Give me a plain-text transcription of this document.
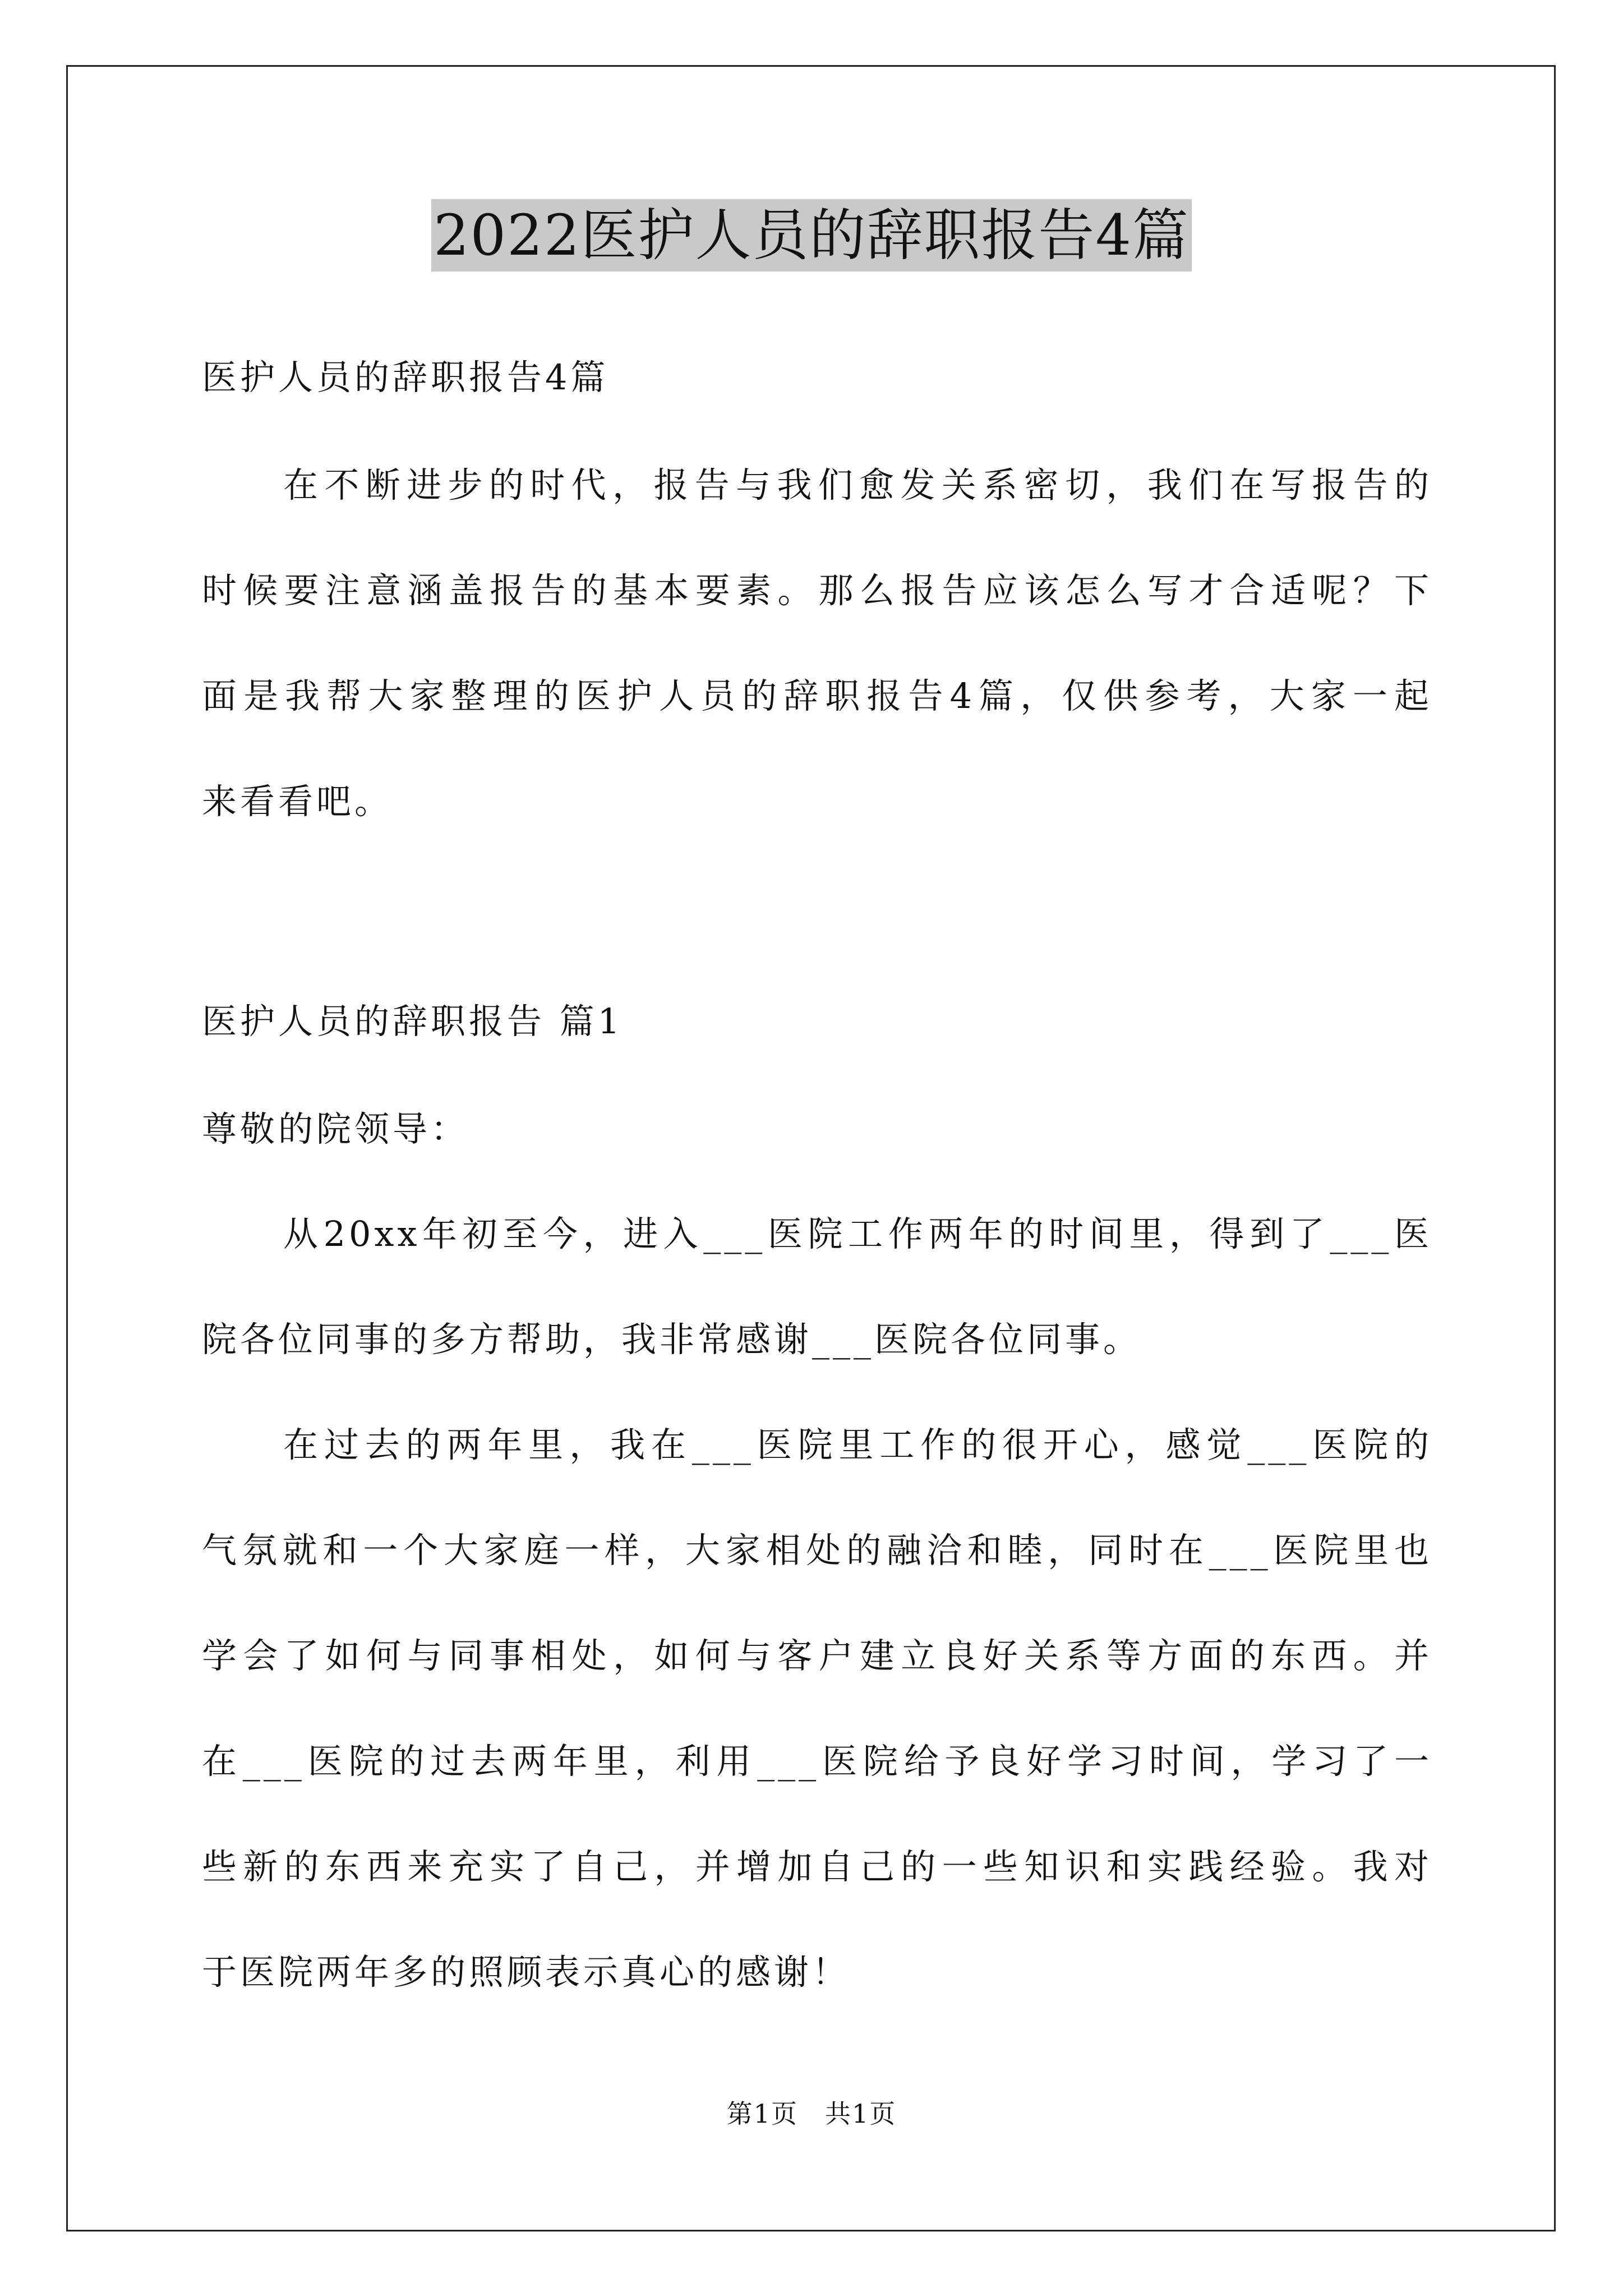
2022医护人员的辞职报告4篇
医护人员的辞职报告4篇
在不断进步的时代，报告与我们愈发关系密切，我们在写报告的
时候要注意涵盖报告的基本要素。那么报告应该怎么写才合适呢？下
面是我帮大家整理的医护人员的辞职报告4篇，仅供参考，大家一起
来看看吧。
医护人员的辞职报告 篇1
尊敬的院领导：
从20xx年初至今，进入___医院工作两年的时间里，得到了___医
院各位同事的多方帮助，我非常感谢___医院各位同事。
在过去的两年里，我在___医院里工作的很开心，感觉___医院的
气氛就和一个大家庭一样，大家相处的融洽和睦，同时在___医院里也
学会了如何与同事相处，如何与客户建立良好关系等方面的东西。并
在___医院的过去两年里，利用___医院给予良好学习时间，学习了一
些新的东西来充实了自己，并增加自己的一些知识和实践经验。我对
于医院两年多的照顾表示真心的感谢！
第1页　共1页
